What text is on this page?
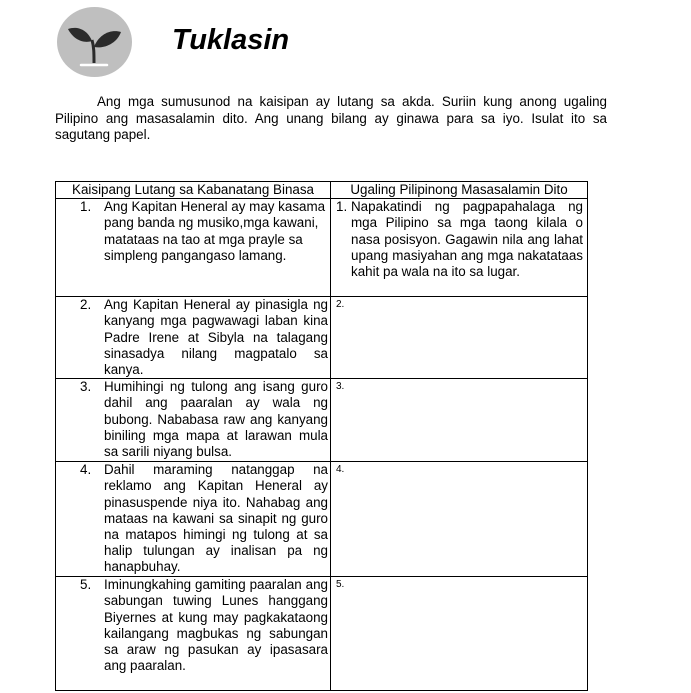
Tuklasin
Ang mga sumusunod na kaisipan ay lutang sa akda. Suriin kung anong ugaling Pilipino ang masasalamin dito. Ang unang bilang ay ginawa para sa iyo. Isulat ito sa sagutang papel.
Kaisipang Lutang sa Kabanatang Binasa	Ugaling Pilipinong Masasalamin Dito

1. Ang Kapitan Heneral ay may kasama pang banda ng musiko,mga kawani, matataas na tao at mga prayle sa simpleng pangangaso lamang.	1. Napakatindi ng pagpapahalaga ng mga Pilipino sa mga taong kilala o nasa posisyon. Gagawin nila ang lahat upang masiyahan ang mga nakatataas kahit pa wala na ito sa lugar.

2. Ang Kapitan Heneral ay pinasigla ng kanyang mga pagwawagi laban kina Padre Irene at Sibyla na talagang sinasadya nilang magpatalo sa kanya.	2.

3. Humihingi ng tulong ang isang guro dahil ang paaralan ay wala ng bubong. Nababasa raw ang kanyang biniling mga mapa at larawan mula sa sarili niyang bulsa.	3.

4. Dahil maraming natanggap na reklamo ang Kapitan Heneral ay pinasuspende niya ito. Nahabag ang mataas na kawani sa sinapit ng guro na matapos himingi ng tulong at sa halip tulungan ay inalisan pa ng hanapbuhay.	4.

5. Iminungkahing gamiting paaralan ang sabungan tuwing Lunes hanggang Biyernes at kung may pagkakataong kailangang magbukas ng sabungan sa araw ng pasukan ay ipasasara ang paaralan.	5.
